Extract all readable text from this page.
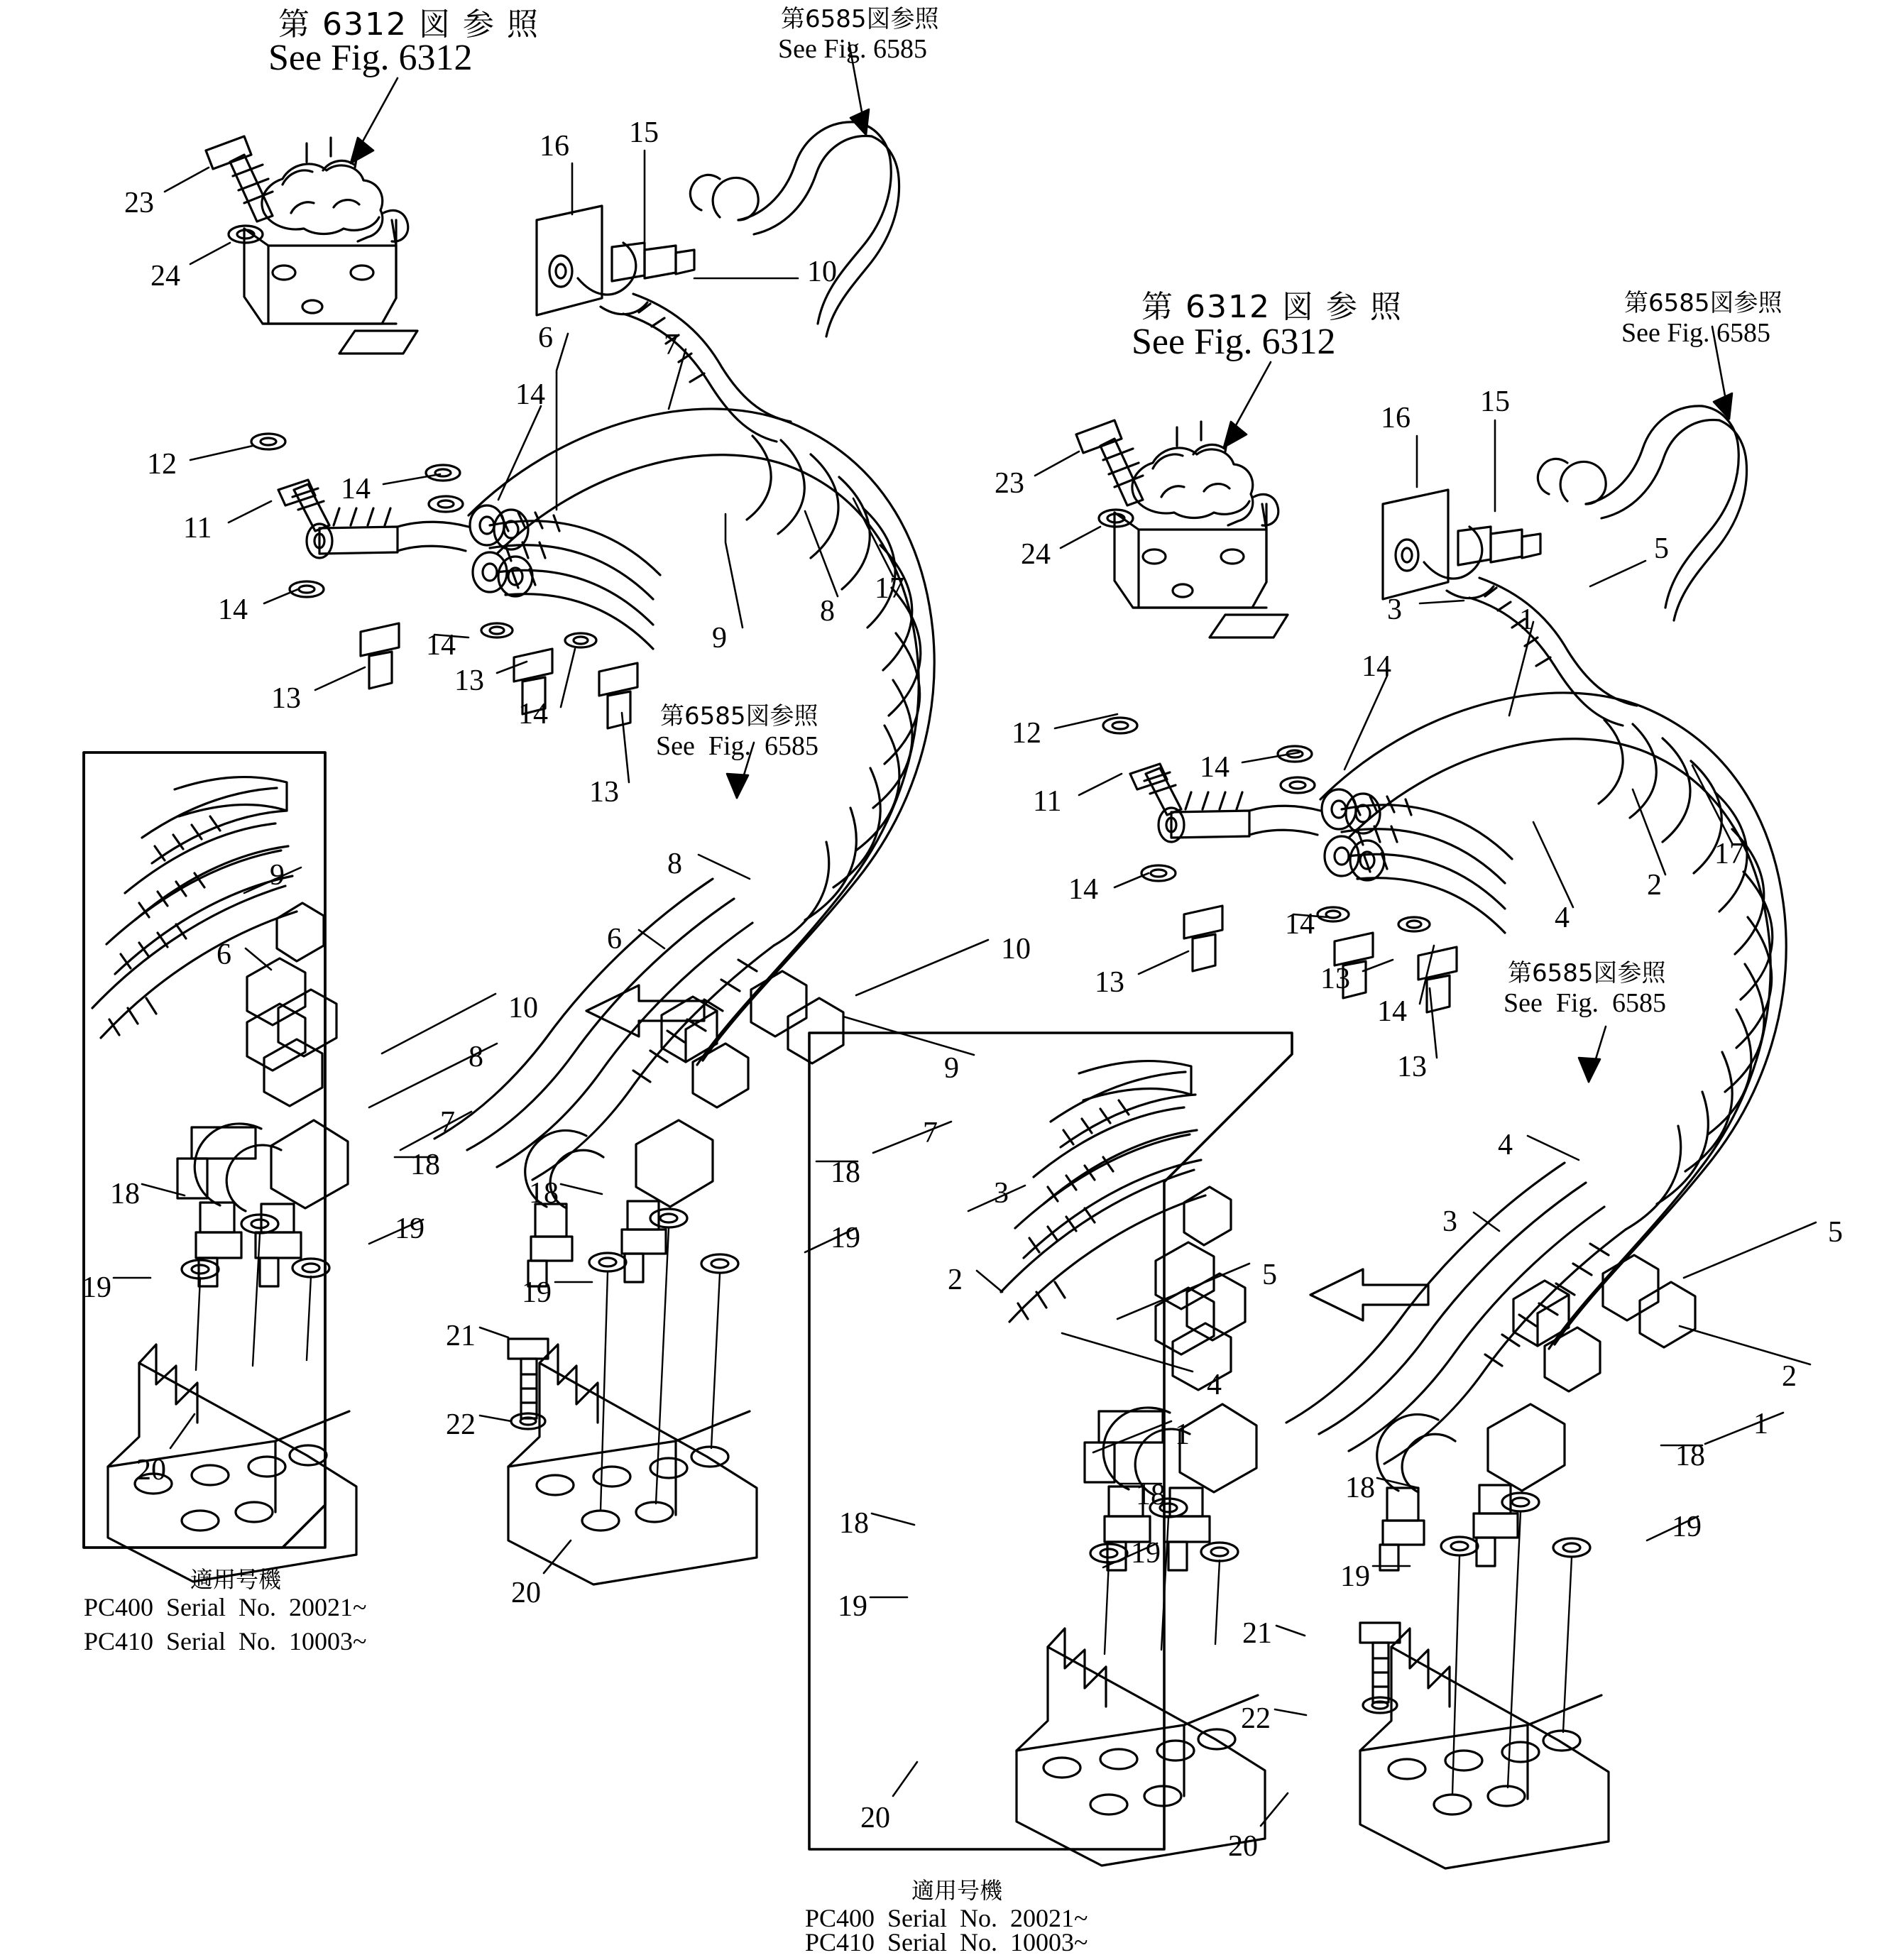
第 6312 図 参 照
See Fig. 6312
第6585図参照
See Fig. 6585
第6585図参照
See  Fig.  6585
第 6312 図 参 照
See Fig. 6312
第6585図参照
See Fig. 6585
第6585図参照
See  Fig.  6585
適用号機
PC400  Serial  No.  20021~
PC410  Serial  No.  10003~
適用号機
PC400  Serial  No.  20021~
PC410  Serial  No.  10003~
23
24
16 15
10
6	7
14
12
14
11
14
14
13
13
14
13
9
8
17
9
6
10
8
7
18
18
19
19
20
8
6	10
9
7
18
18
19
19
21
22
20
23
24
16 15
5
3	1
14
12
14
11
14
14
13	13
14
13
4
2
17
3
2	5
4
1
18
18
19
19
20
4
3	5
2
1
18
18
19
19
21
22
20
